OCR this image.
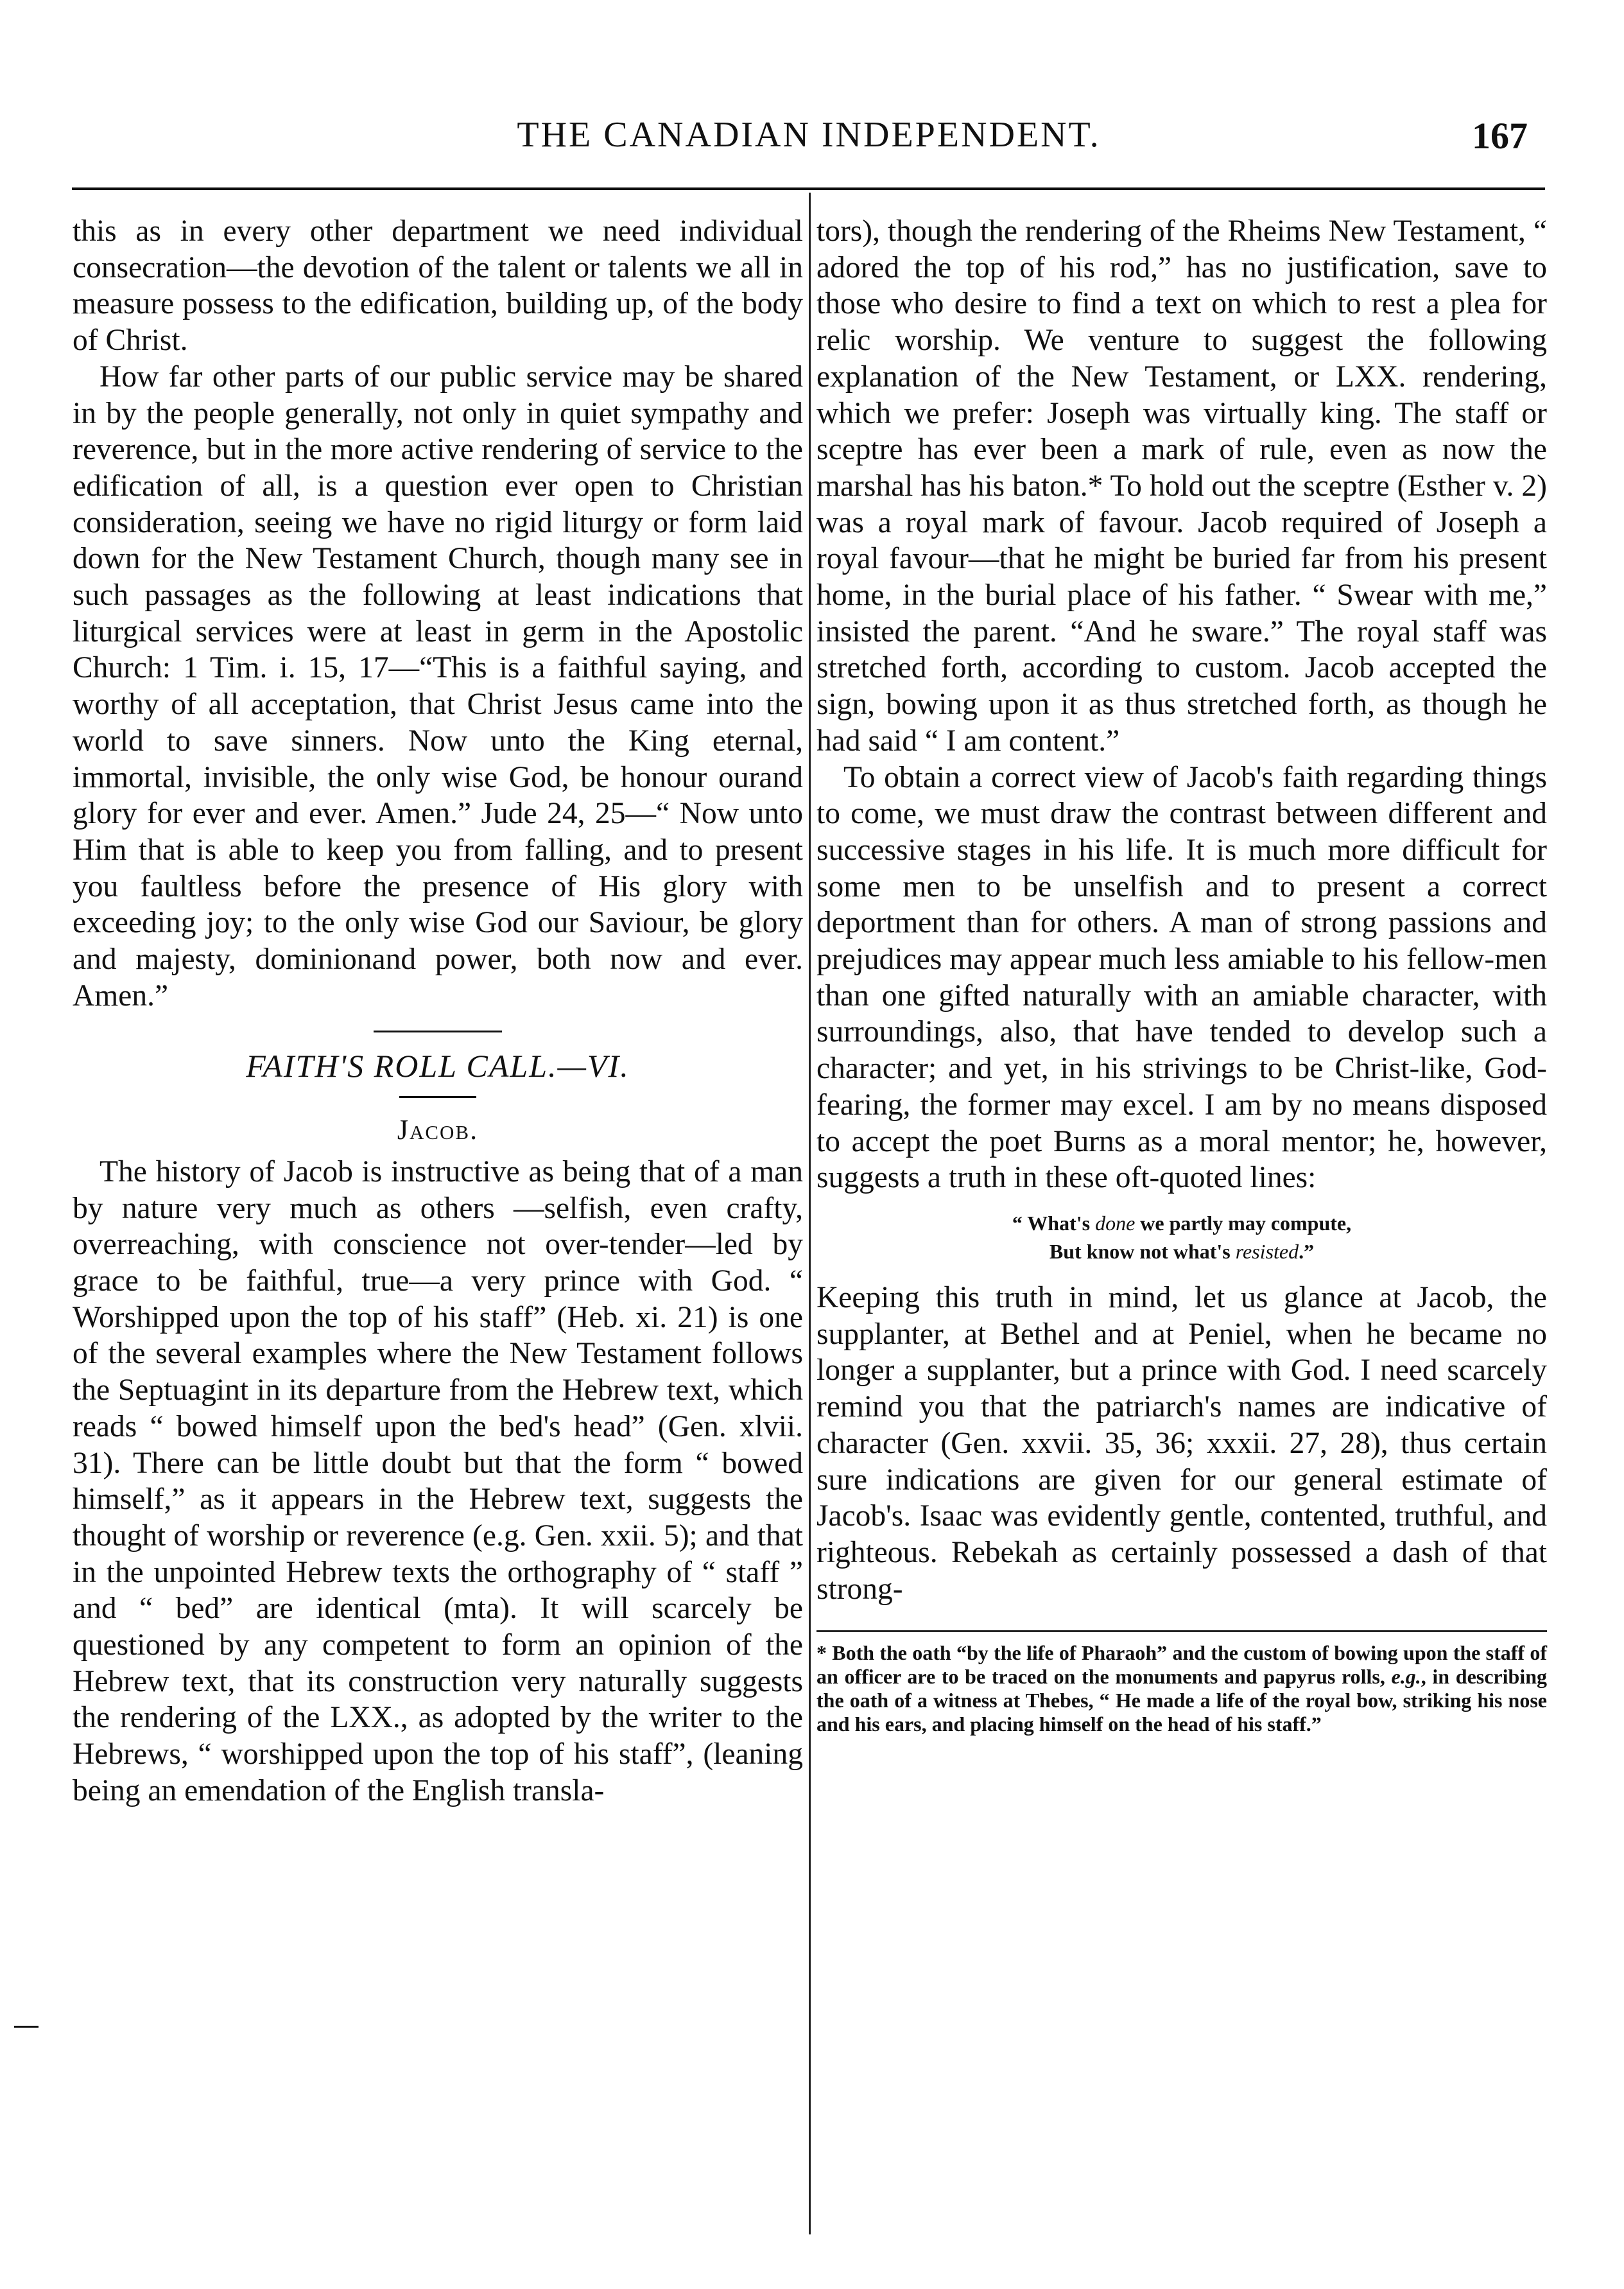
THE CANADIAN INDEPENDENT.	167

this as in every other department we need individual consecration—the devotion of the talent or talents we all in measure possess to the edification, building up, of the body of Christ.

How far other parts of our public service may be shared in by the people generally, not only in quiet sympathy and reverence, but in the more active rendering of service to the edification of all, is a question ever open to Christian consideration, seeing we have no rigid liturgy or form laid down for the New Testament Church, though many see in such passages as the following at least indications that liturgical services were at least in germ in the Apostolic Church: 1 Tim. i. 15, 17—“This is a faithful saying, and worthy of all acceptation, that Christ Jesus came into the world to save sinners. Now unto the King eternal, immortal, invisible, the only wise God, be honour ourand glory for ever and ever. Amen.” Jude 24, 25—“ Now unto Him that is able to keep you from falling, and to present you faultless before the presence of His glory with exceeding joy; to the only wise God our Saviour, be glory and majesty, dominionand power, both now and ever. Amen.”

FAITH'S ROLL CALL.—VI.
Jacob.

The history of Jacob is instructive as being that of a man by nature very much as others —selfish, even crafty, overreaching, with conscience not over-tender—led by grace to be faithful, true—a very prince with God. “ Worshipped upon the top of his staff” (Heb. xi. 21) is one of the several examples where the New Testament follows the Septuagint in its departure from the Hebrew text, which reads “ bowed himself upon the bed's head” (Gen. xlvii. 31). There can be little doubt but that the form “ bowed himself,” as it appears in the Hebrew text, suggests the thought of worship or reverence (e.g. Gen. xxii. 5); and that in the unpointed Hebrew texts the orthography of “ staff ” and “ bed” are identical (mta). It will scarcely be questioned by any competent to form an opinion of the Hebrew text, that its construction very naturally suggests the rendering of the LXX., as adopted by the writer to the Hebrews, “ worshipped upon the top of his staff”, (leaning being an emendation of the English transla-

tors), though the rendering of the Rheims New Testament, “ adored the top of his rod,” has no justification, save to those who desire to find a text on which to rest a plea for relic worship. We venture to suggest the following explanation of the New Testament, or LXX. rendering, which we prefer: Joseph was virtually king. The staff or sceptre has ever been a mark of rule, even as now the marshal has his baton.* To hold out the sceptre (Esther v. 2) was a royal mark of favour. Jacob required of Joseph a royal favour—that he might be buried far from his present home, in the burial place of his father. “ Swear with me,” insisted the parent. “And he sware.” The royal staff was stretched forth, according to custom. Jacob accepted the sign, bowing upon it as thus stretched forth, as though he had said “ I am content.”

To obtain a correct view of Jacob's faith regarding things to come, we must draw the contrast between different and successive stages in his life. It is much more difficult for some men to be unselfish and to present a correct deportment than for others. A man of strong passions and prejudices may appear much less amiable to his fellow-men than one gifted naturally with an amiable character, with surroundings, also, that have tended to develop such a character; and yet, in his strivings to be Christ-like, God-fearing, the former may excel. I am by no means disposed to accept the poet Burns as a moral mentor; he, however, suggests a truth in these oft-quoted lines:

“ What's done we partly may compute,
But know not what's resisted.”

Keeping this truth in mind, let us glance at Jacob, the supplanter, at Bethel and at Peniel, when he became no longer a supplanter, but a prince with God. I need scarcely remind you that the patriarch's names are indicative of character (Gen. xxvii. 35, 36; xxxii. 27, 28), thus certain sure indications are given for our general estimate of Jacob's. Isaac was evidently gentle, contented, truthful, and righteous. Rebekah as certainly possessed a dash of that strong-

* Both the oath “by the life of Pharaoh” and the custom of bowing upon the staff of an officer are to be traced on the monuments and papyrus rolls, e.g., in describing the oath of a witness at Thebes, “ He made a life of the royal bow, striking his nose and his ears, and placing himself on the head of his staff.”
